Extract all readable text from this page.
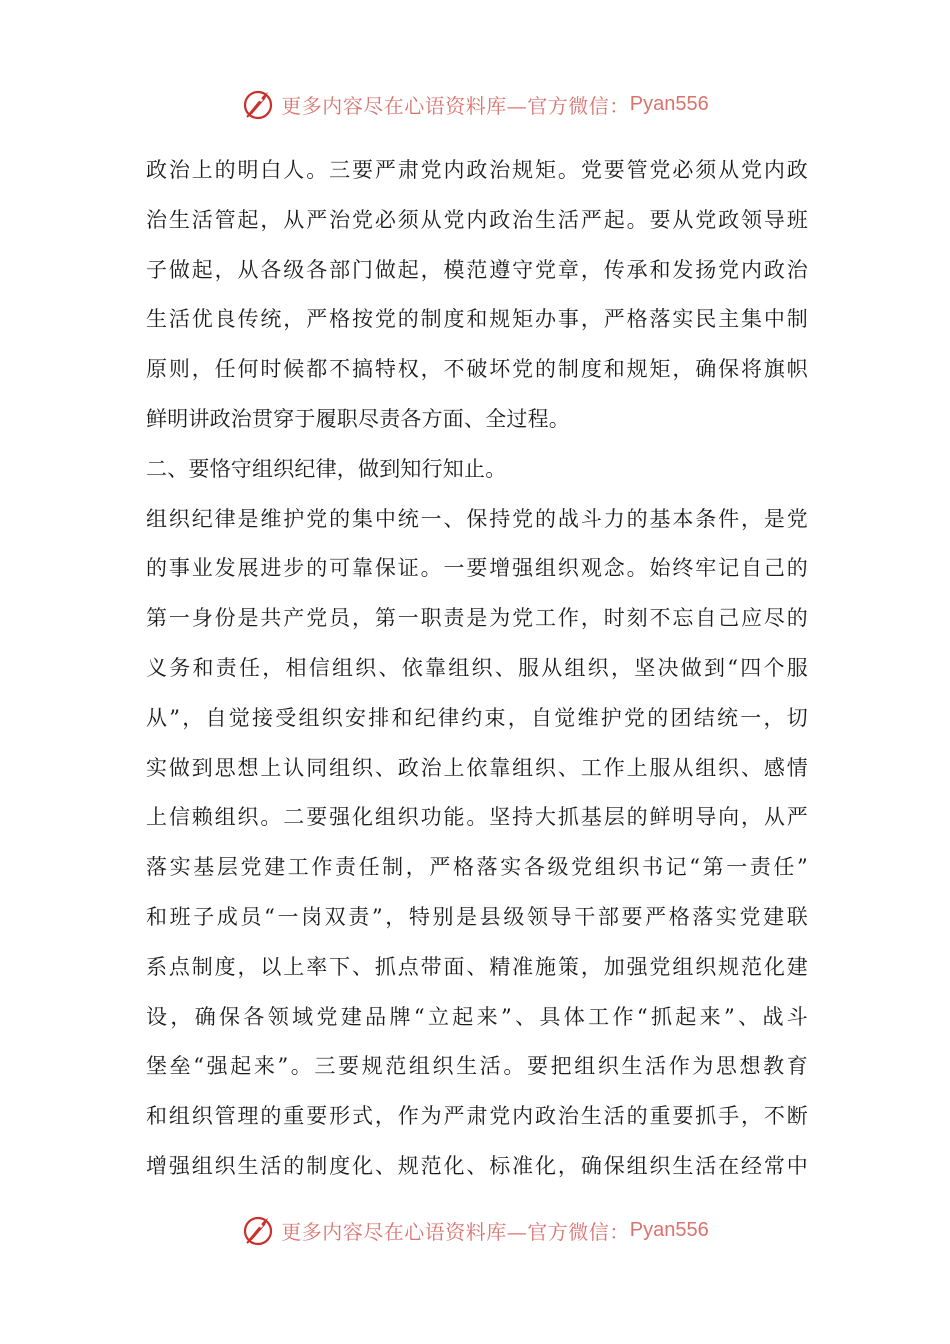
更多内容尽在心语资料库—官方微信： Pyan556
政治上的明白人。三要严肃党内政治规矩。党要管党必须从党内政
治生活管起，从严治党必须从党内政治生活严起。要从党政领导班
子做起，从各级各部门做起，模范遵守党章，传承和发扬党内政治
生活优良传统，严格按党的制度和规矩办事，严格落实民主集中制
原则，任何时候都不搞特权，不破坏党的制度和规矩，确保将旗帜
鲜明讲政治贯穿于履职尽责各方面、全过程。
二、要恪守组织纪律，做到知行知止。
组织纪律是维护党的集中统一、保持党的战斗力的基本条件，是党
的事业发展进步的可靠保证。一要增强组织观念。始终牢记自己的
第一身份是共产党员，第一职责是为党工作，时刻不忘自己应尽的
义务和责任，相信组织、依靠组织、服从组织，坚决做到“四个服
从”，自觉接受组织安排和纪律约束，自觉维护党的团结统一，切
实做到思想上认同组织、政治上依靠组织、工作上服从组织、感情
上信赖组织。二要强化组织功能。坚持大抓基层的鲜明导向，从严
落实基层党建工作责任制，严格落实各级党组织书记“第一责任”
和班子成员“一岗双责”，特别是县级领导干部要严格落实党建联
系点制度，以上率下、抓点带面、精准施策，加强党组织规范化建
设，确保各领域党建品牌“立起来”、具体工作“抓起来”、战斗
堡垒“强起来”。三要规范组织生活。要把组织生活作为思想教育
和组织管理的重要形式，作为严肃党内政治生活的重要抓手，不断
增强组织生活的制度化、规范化、标准化，确保组织生活在经常中
更多内容尽在心语资料库—官方微信： Pyan556
